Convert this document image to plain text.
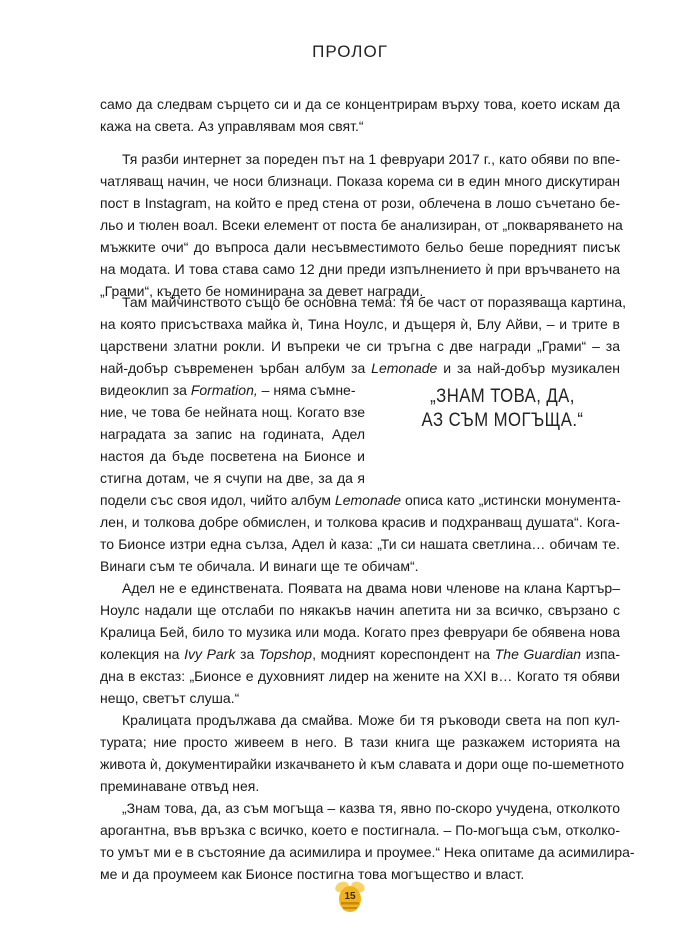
ПРОЛОГ
само да следвам сърцето си и да се концентрирам върху това, което искам да
кажа на света. Аз управлявам моя свят.“
Тя разби интернет за пореден път на 1 февруари 2017 г., като обяви по впе-
чатляващ начин, че носи близнаци. Показа корема си в един много дискутиран
пост в Instagram, на който е пред стена от рози, облечена в лошо съчетано бе-
льо и тюлен воал. Всеки елемент от поста бе анализиран, от „поквapяването на
мъжките очи“ до въпроса дали несъвместимото бельо беше поредният писък
на модата. И това става само 12 дни преди изпълнението ѝ при връчването на
„Грами“, където бе номинирана за девет награди.
Там майчинството също бе основна тема: тя бе част от поразяваща картина,
на която присъстваха майка ѝ, Тина Ноулс, и дъщеря ѝ, Блу Айви, – и трите в
царствени златни рокли. И въпреки че си тръгна с две награди „Грами“ – за
най-добър съвременен ърбан албум за Lemonade и за най-добър музикален
видеоклип за Formation, – няма съмне-
ние, че това бе нейната нощ. Когато взе
наградата за запис на годината, Адел
настоя да бъде посветена на Бионсе и
стигна дотам, че я счупи на две, за да я
„ЗНАМ ТОВА, ДА,
АЗ СЪМ МОГЪЩА.“
подели със своя идол, чийто албум Lemonade описа като „истински монумента-
лен, и толкова добре обмислен, и толкова красив и подхранващ душата“. Кога-
то Бионсе изтри една сълза, Адел ѝ каза: „Ти си нашата светлина… обичам те.
Винаги съм те обичала. И винаги ще те обичам“.
Адел не е единствената. Появата на двама нови членове на клана Картър–
Ноулс надали ще отслаби по някакъв начин апетита ни за всичко, свързано с
Кралица Бей, било то музика или мода. Когато през февруари бе обявена нова
колекция на Ivy Park за Topshop, модният кореспондент на The Guardian изпа-
дна в екстаз: „Бионсе е духовният лидер на жените на XXI в… Когато тя обяви
нещо, светът слуша.“
Кралицата продължава да смайва. Може би тя ръководи света на поп кул-
турата; ние просто живеем в него. В тази книга ще разкажем историята на
живота ѝ, документирайки изкачването ѝ към славата и дори още по-шеметното
преминаване отвъд нея.
„Знам това, да, аз съм могъща – казва тя, явно по-скоро учудена, отколкото
арогантна, във връзка с всичко, което е постигнала. – По-могъща съм, отколко-
то умът ми е в състояние да асимилира и проумее.“ Нека опитаме да асимилира-
ме и да проумеем как Бионсе постигна това могъщество и власт.
15
